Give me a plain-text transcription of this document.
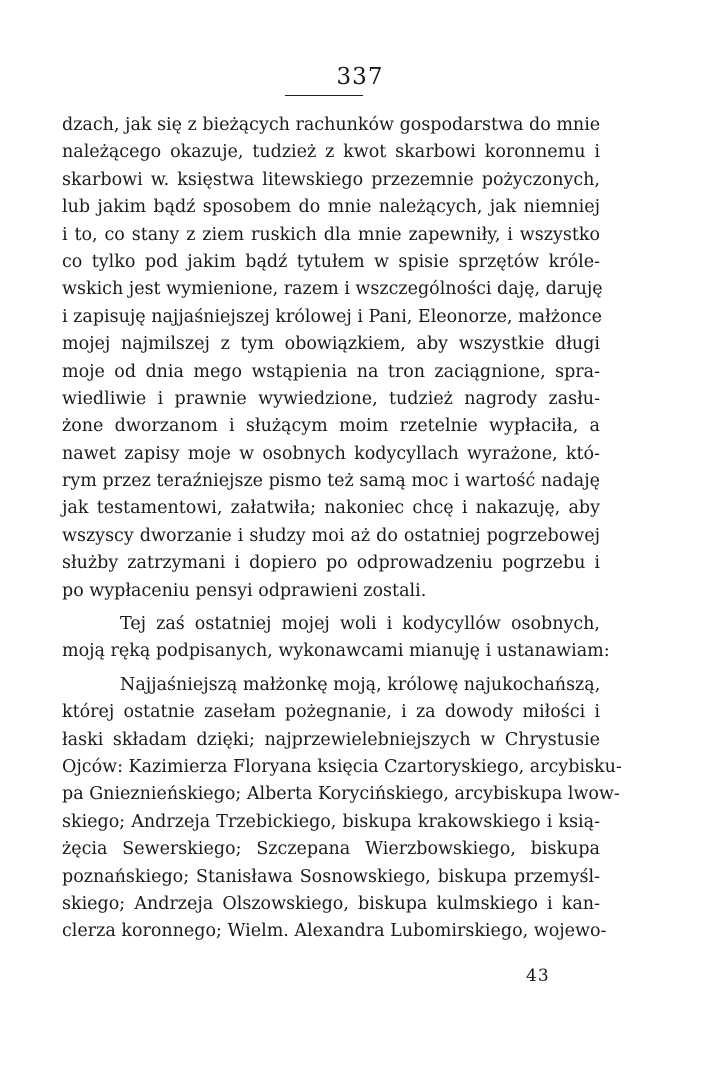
337
dzach, jak się z bieżących rachunków gospodarstwa do mnie
należącego okazuje, tudzież z kwot skarbowi koronnemu i
skarbowi w. księstwa litewskiego przezemnie pożyczonych,
lub jakim bądź sposobem do mnie należących, jak niemniej
i to, co stany z ziem ruskich dla mnie zapewniły, i wszystko
co tylko pod jakim bądź tytułem w spisie sprzętów króle-
wskich jest wymienione, razem i wszczególności daję, daruję
i zapisuję najjaśniejszej królowej i Pani, Eleonorze, małżonce
mojej najmilszej z tym obowiązkiem, aby wszystkie długi
moje od dnia mego wstąpienia na tron zaciągnione, spra-
wiedliwie i prawnie wywiedzione, tudzież nagrody zasłu-
żone dworzanom i służącym moim rzetelnie wypłaciła, a
nawet zapisy moje w osobnych kodycyllach wyrażone, któ-
rym przez teraźniejsze pismo też samą moc i wartość nadaję
jak testamentowi, załatwiła; nakoniec chcę i nakazuję, aby
wszyscy dworzanie i słudzy moi aż do ostatniej pogrzebowej
służby zatrzymani i dopiero po odprowadzeniu pogrzebu i
po wypłaceniu pensyi odprawieni zostali.
Tej zaś ostatniej mojej woli i kodycyllów osobnych,
moją ręką podpisanych, wykonawcami mianuję i ustanawiam:
Najjaśniejszą małżonkę moją, królowę najukochańszą,
której ostatnie zasełam pożegnanie, i za dowody miłości i
łaski składam dzięki; najprzewielebniejszych w Chrystusie
Ojców: Kazimierza Floryana księcia Czartoryskiego, arcybisku-
pa Gnieznieńskiego; Alberta Korycińskiego, arcybiskupa lwow-
skiego; Andrzeja Trzebickiego, biskupa krakowskiego i ksią-
żęcia Sewerskiego; Szczepana Wierzbowskiego, biskupa
poznańskiego; Stanisława Sosnowskiego, biskupa przemyśl-
skiego; Andrzeja Olszowskiego, biskupa kulmskiego i kan-
clerza koronnego; Wielm. Alexandra Lubomirskiego, wojewo-
43
